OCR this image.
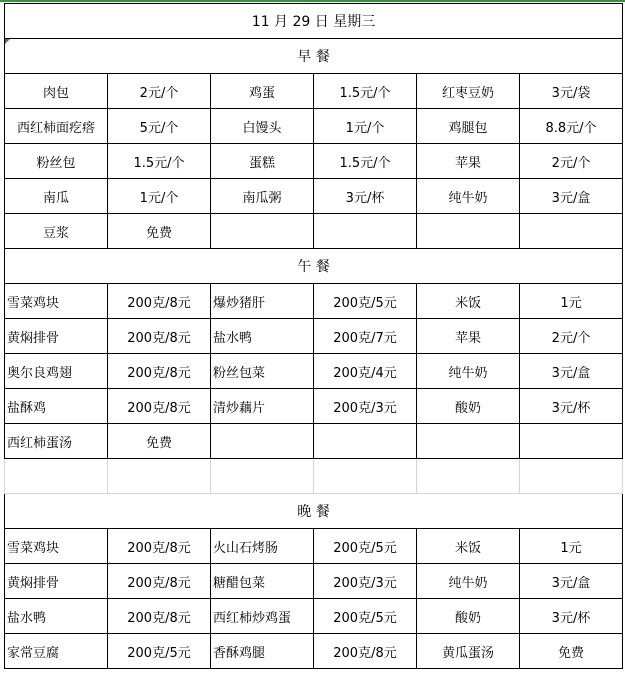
11 月 29 日 星期三					

早 餐					
肉包	2元/个	鸡蛋	1.5元/个	红枣豆奶	3元/袋
西红柿面疙瘩	5元/个	白馒头	1元/个	鸡腿包	8.8元/个
粉丝包	1.5元/个	蛋糕	1.5元/个	苹果	2元/个
南瓜	1元/个	南瓜粥	3元/杯	纯牛奶	3元/盒
豆浆	免费				
午 餐					
雪菜鸡块	200克/8元	爆炒猪肝	200克/5元	米饭	1元
黄焖排骨	200克/8元	盐水鸭	200克/7元	苹果	2元/个
奥尔良鸡翅	200克/8元	粉丝包菜	200克/4元	纯牛奶	3元/盒
盐酥鸡	200克/8元	清炒藕片	200克/3元	酸奶	3元/杯
西红柿蛋汤	免费				

晚 餐					
雪菜鸡块	200克/8元	火山石烤肠	200克/5元	米饭	1元
黄焖排骨	200克/8元	糖醋包菜	200克/3元	纯牛奶	3元/盒
盐水鸭	200克/8元	西红柿炒鸡蛋	200克/5元	酸奶	3元/杯
家常豆腐	200克/5元	香酥鸡腿	200克/8元	黄瓜蛋汤	免费
